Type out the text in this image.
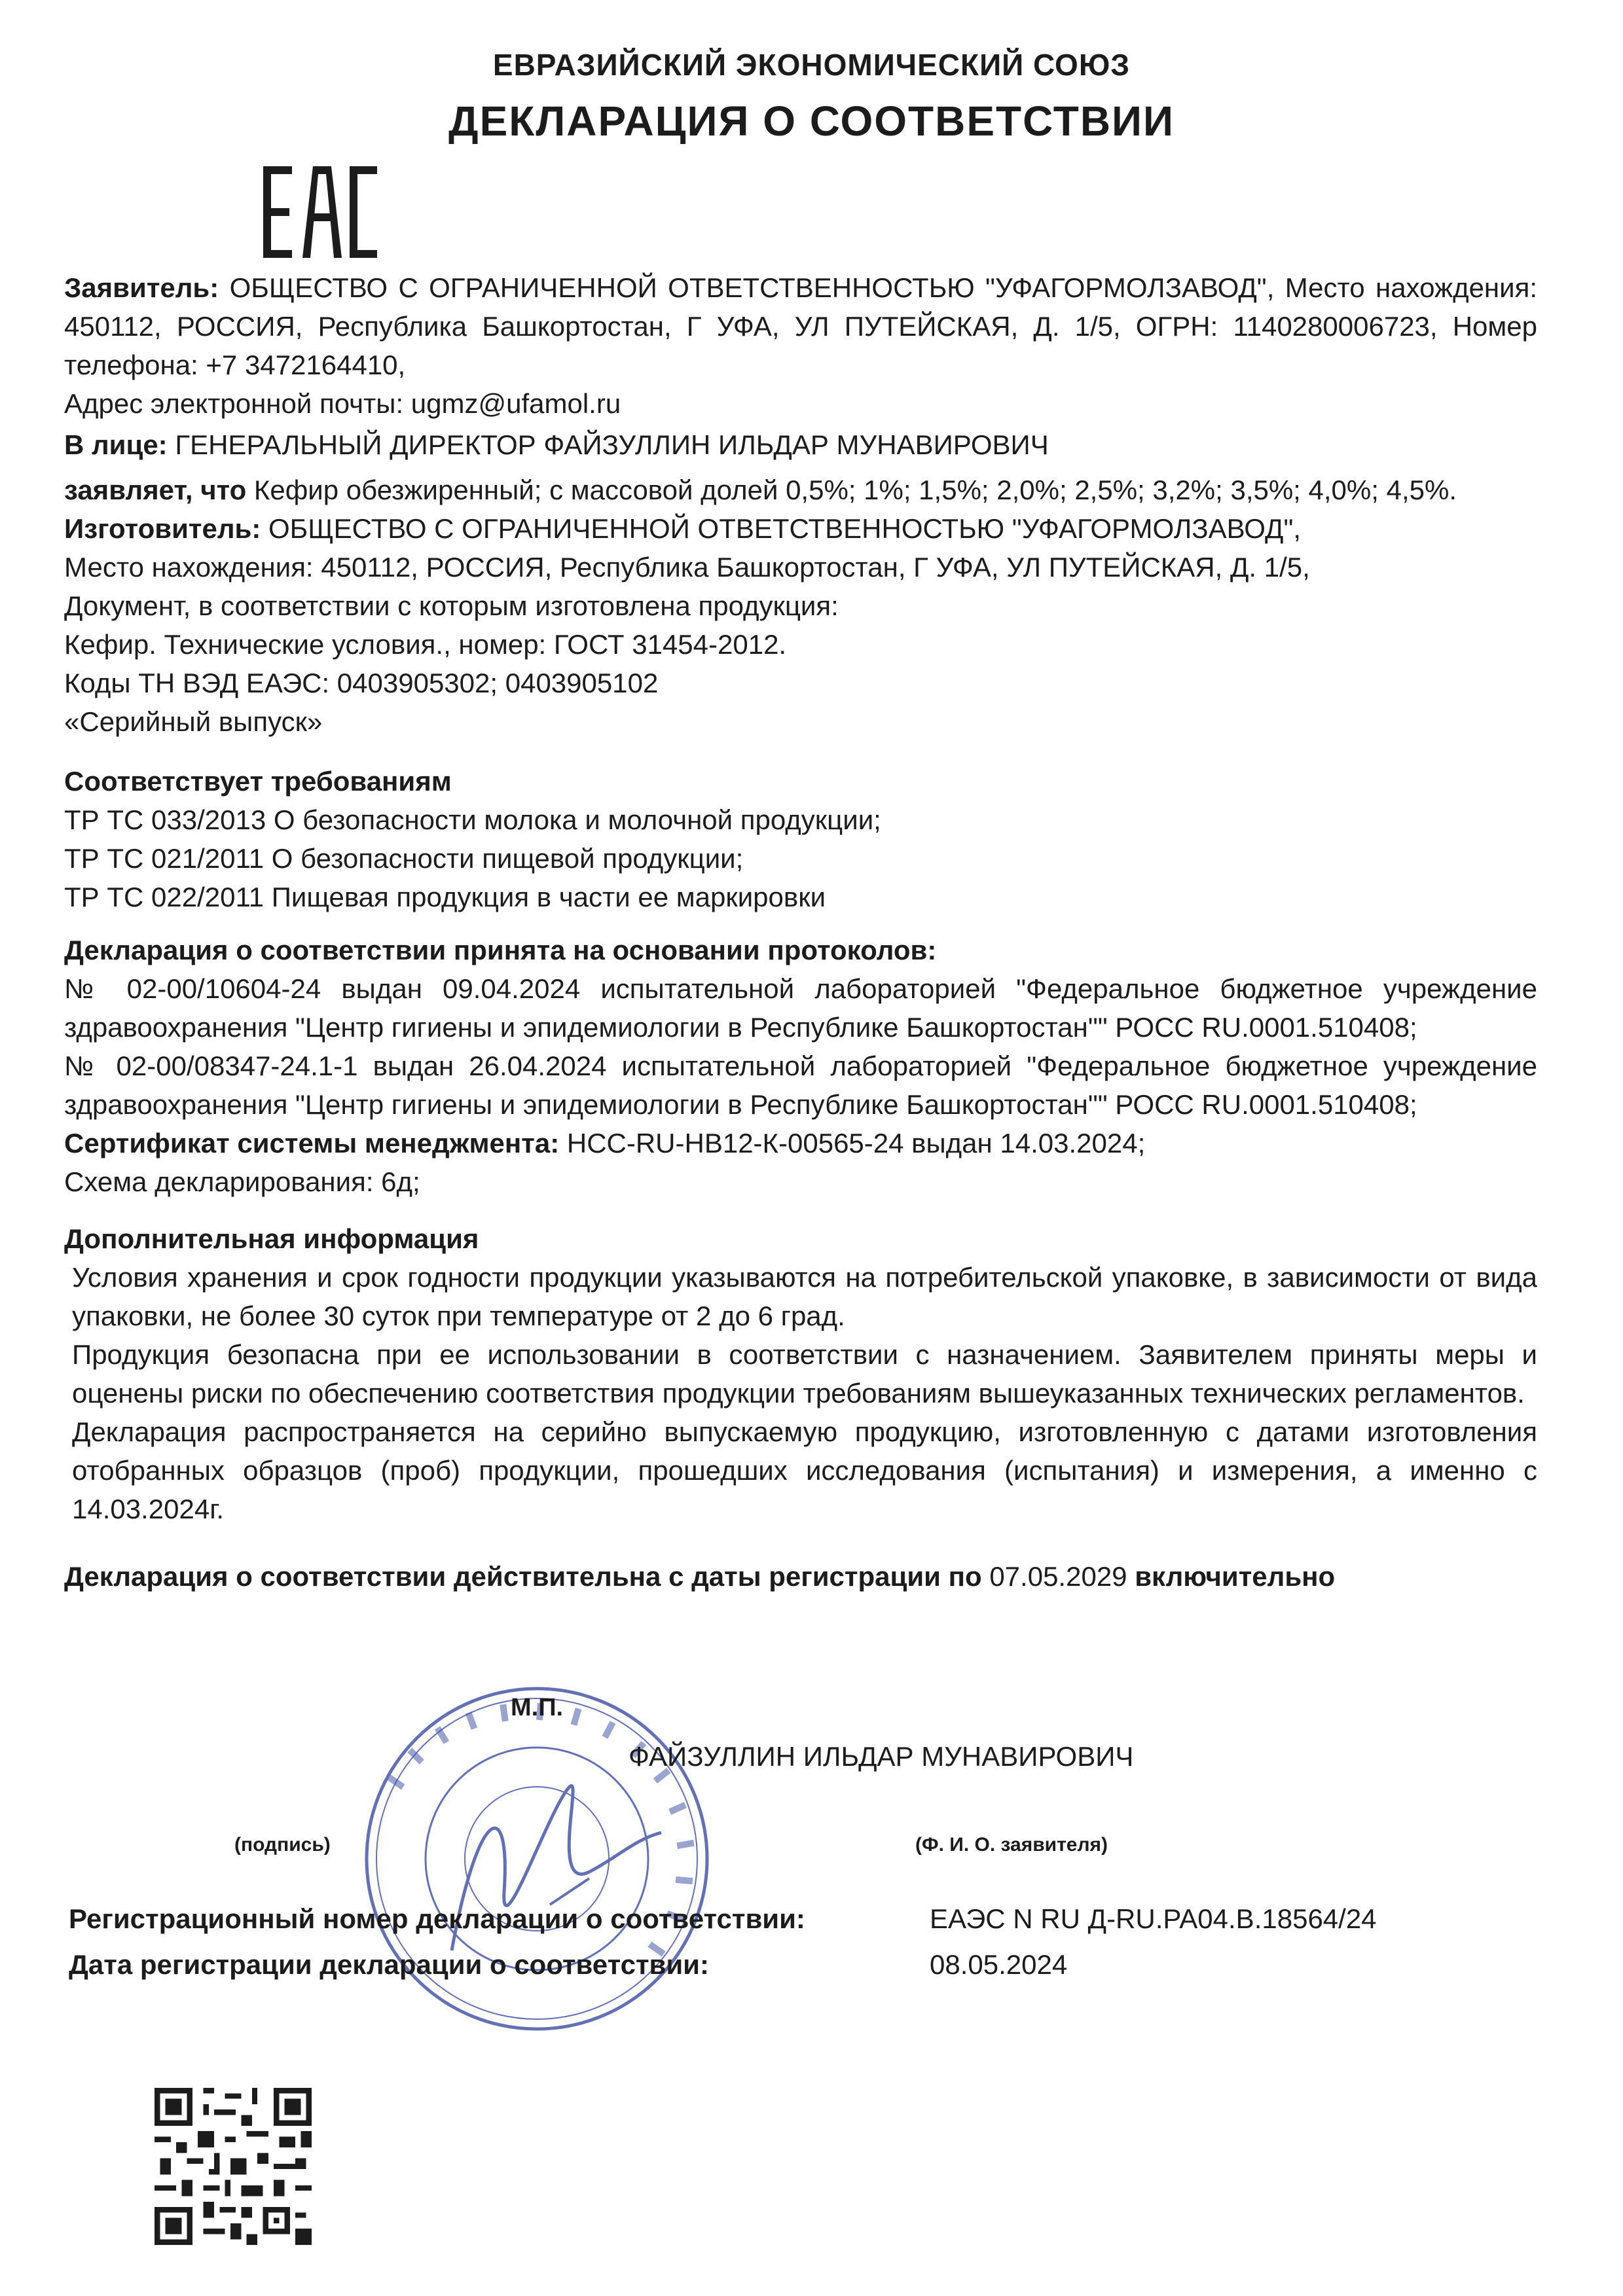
ЕВРАЗИЙСКИЙ ЭКОНОМИЧЕСКИЙ СОЮЗ
ДЕКЛАРАЦИЯ О СООТВЕТСТВИИ

Заявитель: ОБЩЕСТВО С ОГРАНИЧЕННОЙ ОТВЕТСТВЕННОСТЬЮ "УФАГОРМОЛЗАВОД", Место нахождения: 450112, РОССИЯ, Республика Башкортостан, Г УФА, УЛ ПУТЕЙСКАЯ, Д. 1/5, ОГРН: 1140280006723, Номер телефона: +7 3472164410,

Адрес электронной почты: ugmz@ufamol.ru

В лице: ГЕНЕРАЛЬНЫЙ ДИРЕКТОР ФАЙЗУЛЛИН ИЛЬДАР МУНАВИРОВИЧ

заявляет, что Кефир обезжиренный; с массовой долей 0,5%; 1%; 1,5%; 2,0%; 2,5%; 3,2%; 3,5%; 4,0%; 4,5%.

Изготовитель: ОБЩЕСТВО С ОГРАНИЧЕННОЙ ОТВЕТСТВЕННОСТЬЮ "УФАГОРМОЛЗАВОД",

Место нахождения: 450112, РОССИЯ, Республика Башкортостан, Г УФА, УЛ ПУТЕЙСКАЯ, Д. 1/5,

Документ, в соответствии с которым изготовлена продукция:

Кефир. Технические условия., номер: ГОСТ 31454-2012.

Коды ТН ВЭД ЕАЭС: 0403905302; 0403905102

«Серийный выпуск»

Соответствует требованиям

ТР ТС 033/2013 О безопасности молока и молочной продукции;

ТР ТС 021/2011 О безопасности пищевой продукции;

ТР ТС 022/2011 Пищевая продукция в части ее маркировки

Декларация о соответствии принята на основании протоколов:

№ 02-00/10604-24 выдан 09.04.2024 испытательной лабораторией "Федеральное бюджетное учреждение здравоохранения "Центр гигиены и эпидемиологии в Республике Башкортостан"" РОСС RU.0001.510408;

№ 02-00/08347-24.1-1 выдан 26.04.2024 испытательной лабораторией "Федеральное бюджетное учреждение здравоохранения "Центр гигиены и эпидемиологии в Республике Башкортостан"" РОСС RU.0001.510408;

Сертификат системы менеджмента: НСС-RU-НВ12-К-00565-24 выдан 14.03.2024;

Схема декларирования: 6д;

Дополнительная информация

Условия хранения и срок годности продукции указываются на потребительской упаковке, в зависимости от вида упаковки, не более 30 суток при температуре от 2 до 6 град.

Продукция безопасна при ее использовании в соответствии с назначением. Заявителем приняты меры и оценены риски по обеспечению соответствия продукции требованиям вышеуказанных технических регламентов.

Декларация распространяется на серийно выпускаемую продукцию, изготовленную с датами изготовления отобранных образцов (проб) продукции, прошедших исследования (испытания) и измерения, а именно с 14.03.2024г.

Декларация о соответствии действительна с даты регистрации по 07.05.2029 включительно

М.П.
ФАЙЗУЛЛИН ИЛЬДАР МУНАВИРОВИЧ
(подпись)	(Ф. И. О. заявителя)
Регистрационный номер декларации о соответствии:	ЕАЭС N RU Д-RU.PA04.B.18564/24
Дата регистрации декларации о соответствии:	08.05.2024
